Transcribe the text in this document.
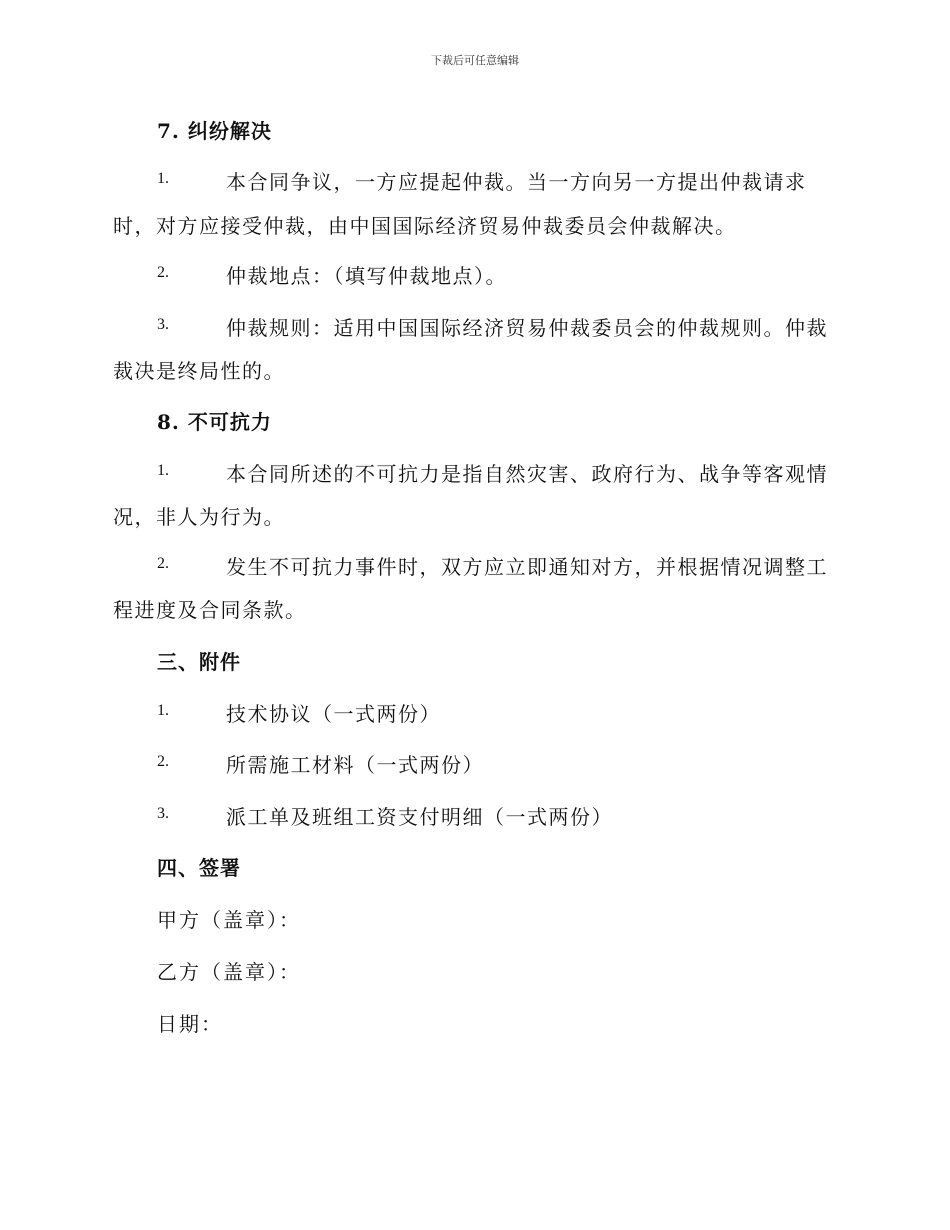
下裁后可任意编辑
7. 纠纷解决
1.	本合同争议，一方应提起仲裁。当一方向另一方提出仲裁请求
时，对方应接受仲裁，由中国国际经济贸易仲裁委员会仲裁解决。
2.	仲裁地点：（填写仲裁地点）。
3.	仲裁规则：适用中国国际经济贸易仲裁委员会的仲裁规则。仲裁
裁决是终局性的。
8. 不可抗力
1.	本合同所述的不可抗力是指自然灾害、政府行为、战争等客观情
况，非人为行为。
2.	发生不可抗力事件时，双方应立即通知对方，并根据情况调整工
程进度及合同条款。
三、附件
1.	技术协议（一式两份）
2.	所需施工材料（一式两份）
3.	派工单及班组工资支付明细（一式两份）
四、签署
甲方（盖章）：
乙方（盖章）：
日期：
